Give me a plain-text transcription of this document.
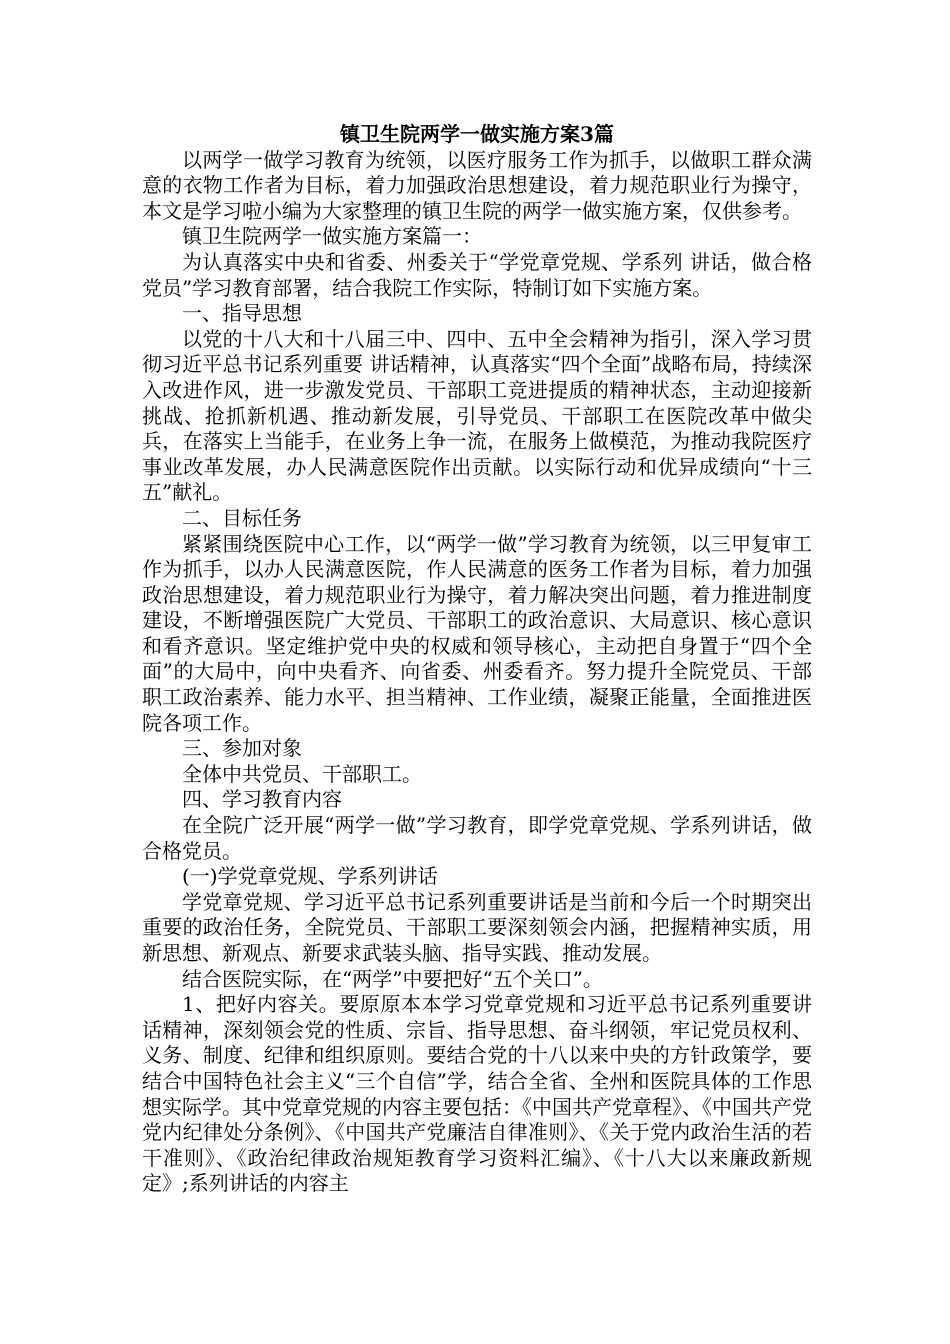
镇卫生院两学一做实施方案3篇

以两学一做学习教育为统领，以医疗服务工作为抓手，以做职工群众满意的衣物工作者为目标，着力加强政治思想建设，着力规范职业行为操守，本文是学习啦小编为大家整理的镇卫生院的两学一做实施方案，仅供参考。

镇卫生院两学一做实施方案篇一：

为认真落实中央和省委、州委关于“学党章党规、学系列 讲话，做合格党员”学习教育部署，结合我院工作实际，特制订如下实施方案。

一、指导思想

以党的十八大和十八届三中、四中、五中全会精神为指引，深入学习贯彻习近平总书记系列重要 讲话精神，认真落实“四个全面”战略布局，持续深入改进作风，进一步激发党员、干部职工竞进提质的精神状态，主动迎接新挑战、抢抓新机遇、推动新发展，引导党员、干部职工在医院改革中做尖兵，在落实上当能手，在业务上争一流，在服务上做模范，为推动我院医疗事业改革发展，办人民满意医院作出贡献。以实际行动和优异成绩向“十三五”献礼。

二、目标任务

紧紧围绕医院中心工作，以“两学一做”学习教育为统领，以三甲复审工作为抓手，以办人民满意医院，作人民满意的医务工作者为目标，着力加强政治思想建设，着力规范职业行为操守，着力解决突出问题，着力推进制度建设，不断增强医院广大党员、干部职工的政治意识、大局意识、核心意识和看齐意识。坚定维护党中央的权威和领导核心，主动把自身置于“四个全面”的大局中，向中央看齐、向省委、州委看齐。努力提升全院党员、干部职工政治素养、能力水平、担当精神、工作业绩，凝聚正能量，全面推进医院各项工作。

三、参加对象

全体中共党员、干部职工。

四、学习教育内容

在全院广泛开展“两学一做”学习教育，即学党章党规、学系列讲话，做合格党员。

(一)学党章党规、学系列讲话

学党章党规、学习近平总书记系列重要讲话是当前和今后一个时期突出重要的政治任务，全院党员、干部职工要深刻领会内涵，把握精神实质，用新思想、新观点、新要求武装头脑、指导实践、推动发展。

结合医院实际，在“两学”中要把好“五个关口”。

1、把好内容关。要原原本本学习党章党规和习近平总书记系列重要讲话精神，深刻领会党的性质、宗旨、指导思想、奋斗纲领，牢记党员权利、义务、制度、纪律和组织原则。要结合党的十八以来中央的方针政策学，要结合中国特色社会主义“三个自信”学，结合全省、全州和医院具体的工作思想实际学。其中党章党规的内容主要包括：《中国共产党章程》、《中国共产党党内纪律处分条例》、《中国共产党廉洁自律准则》、《关于党内政治生活的若干准则》、《政治纪律政治规矩教育学习资料汇编》、《十八大以来廉政新规定》;系列讲话的内容主
